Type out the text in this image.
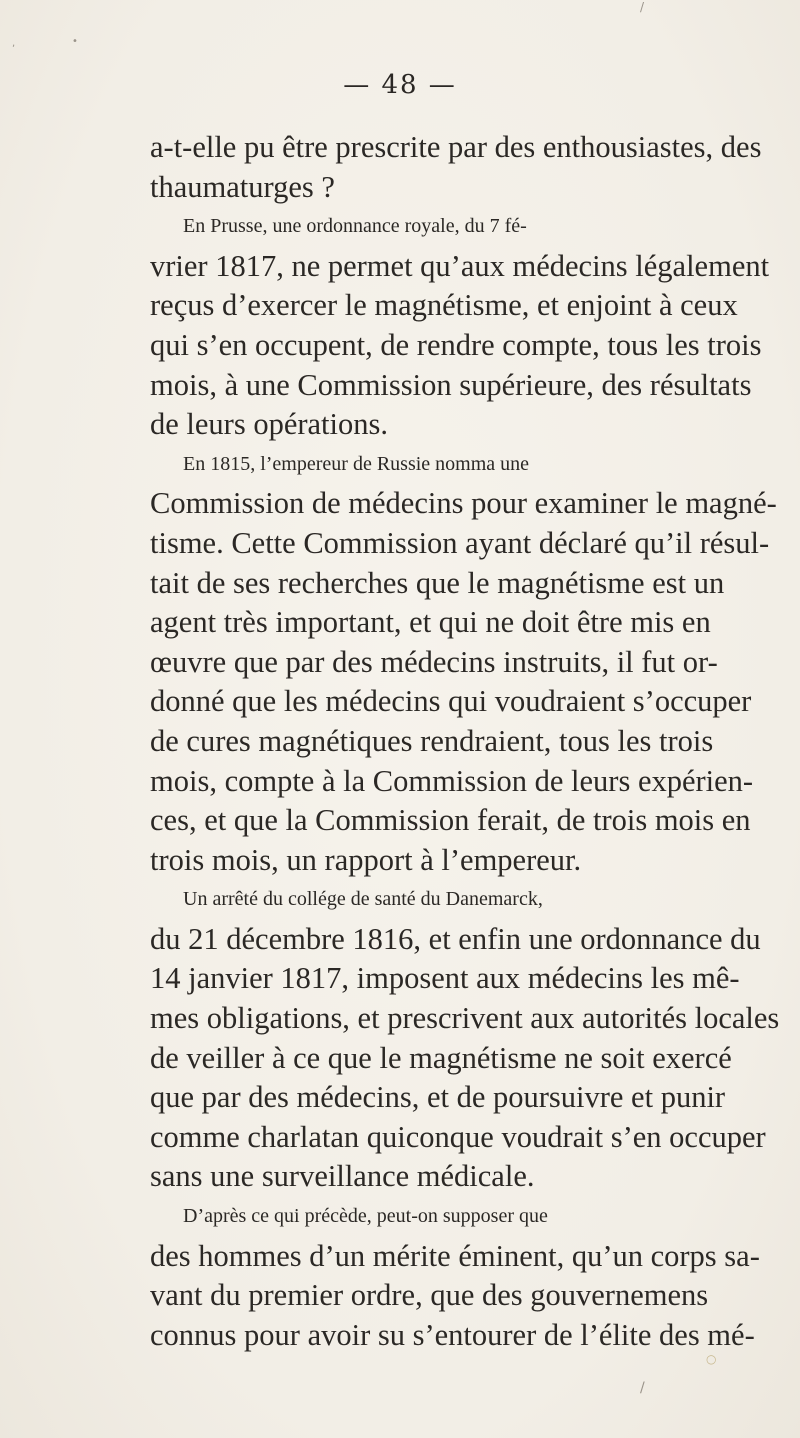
,	•
/
— 48 —
a-t-elle pu être prescrite par des enthousiastes, des
thaumaturges ?
En Prusse, une ordonnance royale, du 7 fé-
vrier 1817, ne permet qu’aux médecins légalement
reçus d’exercer le magnétisme, et enjoint à ceux
qui s’en occupent, de rendre compte, tous les trois
mois, à une Commission supérieure, des résultats
de leurs opérations.
En 1815, l’empereur de Russie nomma une
Commission de médecins pour examiner le magné-
tisme. Cette Commission ayant déclaré qu’il résul-
tait de ses recherches que le magnétisme est un
agent très important, et qui ne doit être mis en
œuvre que par des médecins instruits, il fut or-
donné que les médecins qui voudraient s’occuper
de cures magnétiques rendraient, tous les trois
mois, compte à la Commission de leurs expérien-
ces, et que la Commission ferait, de trois mois en
trois mois, un rapport à l’empereur.
Un arrêté du collége de santé du Danemarck,
du 21 décembre 1816, et enfin une ordonnance du
14 janvier 1817, imposent aux médecins les mê-
mes obligations, et prescrivent aux autorités locales
de veiller à ce que le magnétisme ne soit exercé
que par des médecins, et de poursuivre et punir
comme charlatan quiconque voudrait s’en occuper
sans une surveillance médicale.
D’après ce qui précède, peut-on supposer que
des hommes d’un mérite éminent, qu’un corps sa-
vant du premier ordre, que des gouvernemens
connus pour avoir su s’entourer de l’élite des mé-
/
○
